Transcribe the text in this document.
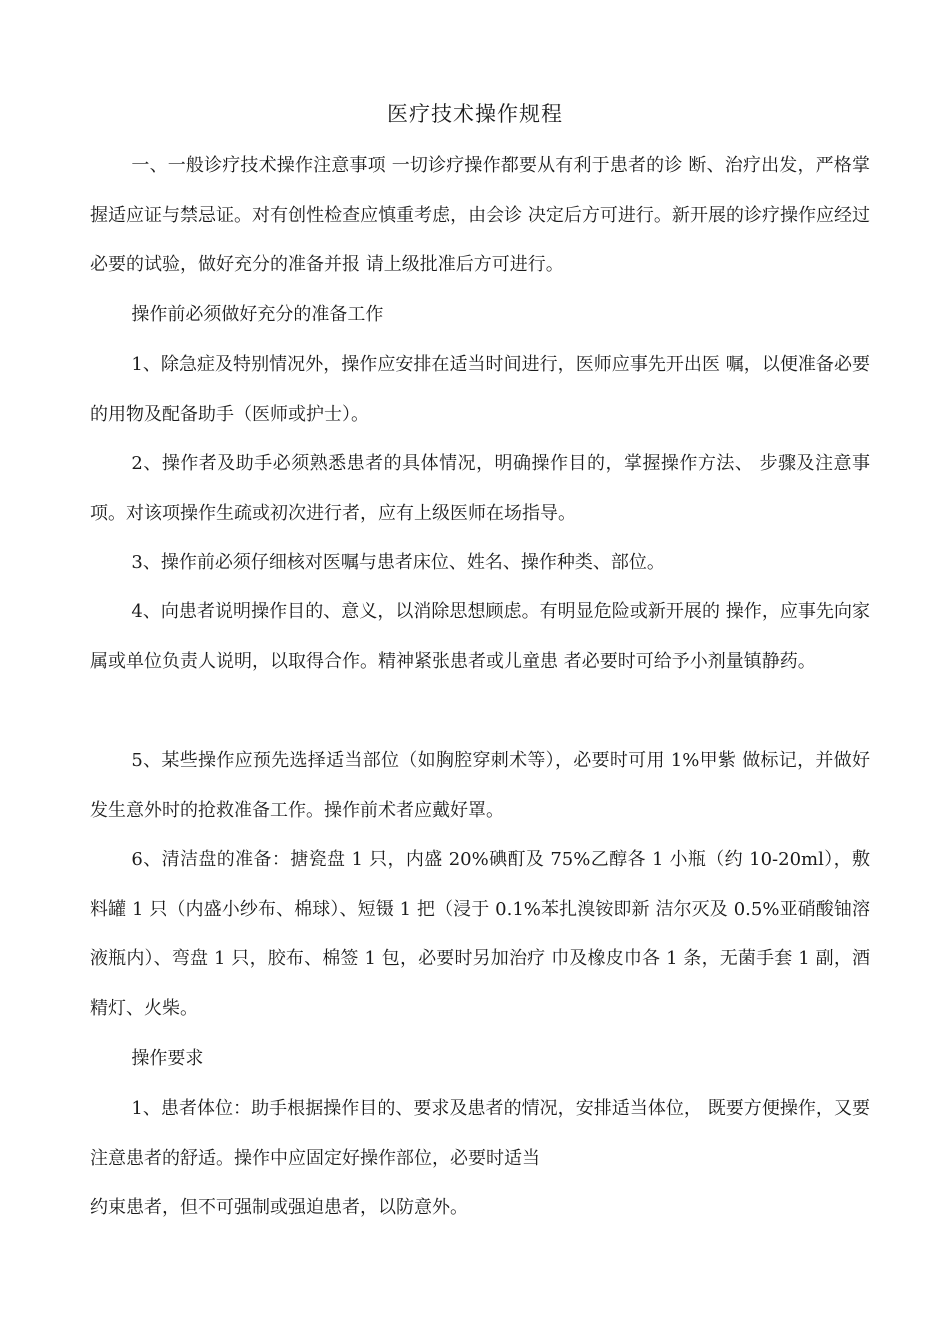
医疗技术操作规程

一、一般诊疗技术操作注意事项 一切诊疗操作都要从有利于患者的诊 断、治疗出发，严格掌握适应证与禁忌证。对有创性检查应慎重考虑，由会诊 决定后方可进行。新开展的诊疗操作应经过必要的试验，做好充分的准备并报 请上级批准后方可进行。

操作前必须做好充分的准备工作

1、除急症及特别情况外，操作应安排在适当时间进行，医师应事先开出医 嘱，以便准备必要的用物及配备助手（医师或护士）。

2、操作者及助手必须熟悉患者的具体情况，明确操作目的，掌握操作方法、 步骤及注意事项。对该项操作生疏或初次进行者，应有上级医师在场指导。

3、操作前必须仔细核对医嘱与患者床位、姓名、操作种类、部位。

4、向患者说明操作目的、意义，以消除思想顾虑。有明显危险或新开展的 操作，应事先向家属或单位负责人说明，以取得合作。精神紧张患者或儿童患 者必要时可给予小剂量镇静药。

5、某些操作应预先选择适当部位（如胸腔穿刺术等），必要时可用 1%甲紫 做标记，并做好发生意外时的抢救准备工作。操作前术者应戴好罩。

6、清洁盘的准备：搪瓷盘 1 只，内盛 20%碘酊及 75%乙醇各 1 小瓶（约 10-20ml），敷料罐 1 只（内盛小纱布、棉球）、短镊 1 把（浸于 0.1%苯扎溴铵即新 洁尔灭及 0.5%亚硝酸铀溶液瓶内）、弯盘 1 只，胶布、棉签 1 包，必要时另加治疗 巾及橡皮巾各 1 条，无菌手套 1 副，酒精灯、火柴。

操作要求

1、患者体位：助手根据操作目的、要求及患者的情况，安排适当体位， 既要方便操作，又要注意患者的舒适。操作中应固定好操作部位，必要时适当

约束患者，但不可强制或强迫患者，以防意外。
